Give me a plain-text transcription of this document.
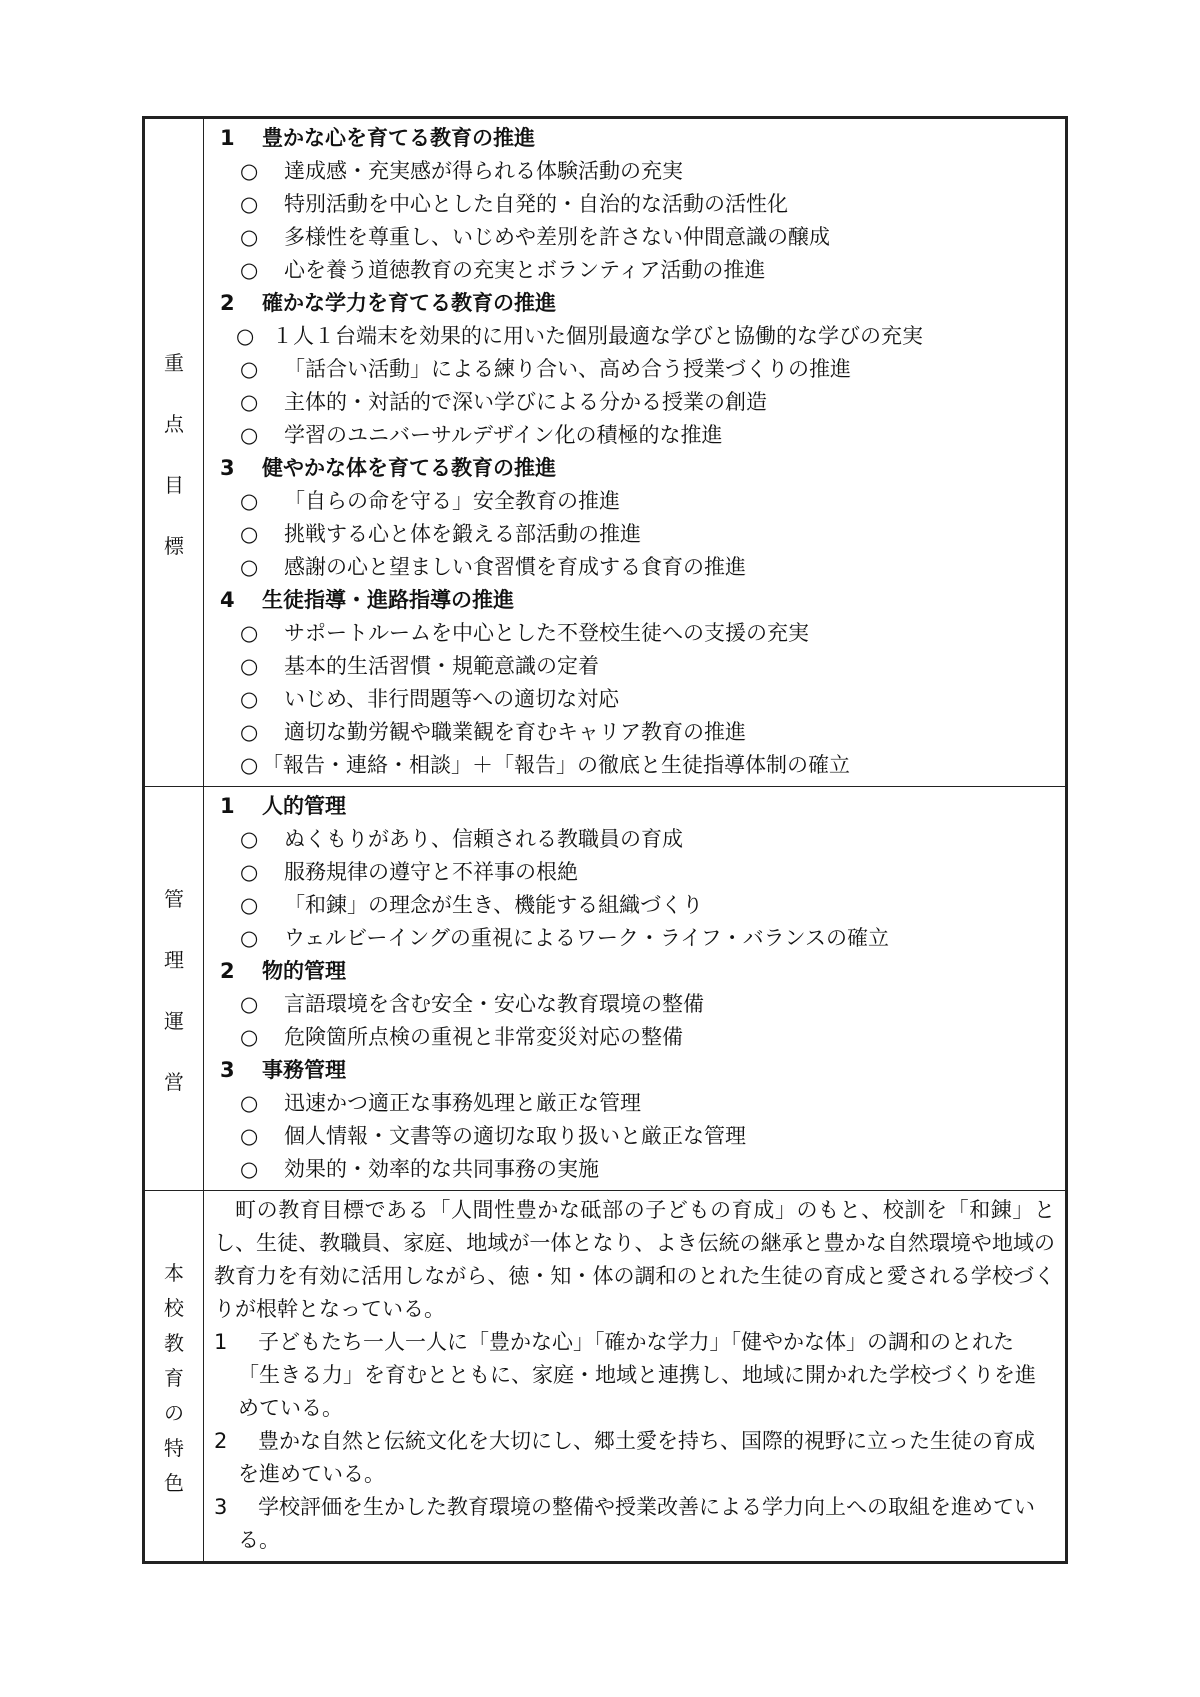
重
点
目
標
1 豊かな心を育てる教育の推進
○ 達成感・充実感が得られる体験活動の充実
○ 特別活動を中心とした自発的・自治的な活動の活性化
○ 多様性を尊重し、いじめや差別を許さない仲間意識の醸成
○ 心を養う道徳教育の充実とボランティア活動の推進
2 確かな学力を育てる教育の推進
○ １人１台端末を効果的に用いた個別最適な学びと協働的な学びの充実
○ 「話合い活動」による練り合い、高め合う授業づくりの推進
○ 主体的・対話的で深い学びによる分かる授業の創造
○ 学習のユニバーサルデザイン化の積極的な推進
3 健やかな体を育てる教育の推進
○ 「自らの命を守る」安全教育の推進
○ 挑戦する心と体を鍛える部活動の推進
○ 感謝の心と望ましい食習慣を育成する食育の推進
4 生徒指導・進路指導の推進
○ サポートルームを中心とした不登校生徒への支援の充実
○ 基本的生活習慣・規範意識の定着
○ いじめ、非行問題等への適切な対応
○ 適切な勤労観や職業観を育むキャリア教育の推進
○ 「報告・連絡・相談」＋「報告」の徹底と生徒指導体制の確立
管
理
運
営
1 人的管理
○ ぬくもりがあり、信頼される教職員の育成
○ 服務規律の遵守と不祥事の根絶
○ 「和錬」の理念が生き、機能する組織づくり
○ ウェルビーイングの重視によるワーク・ライフ・バランスの確立
2 物的管理
○ 言語環境を含む安全・安心な教育環境の整備
○ 危険箇所点検の重視と非常変災対応の整備
3 事務管理
○ 迅速かつ適正な事務処理と厳正な管理
○ 個人情報・文書等の適切な取り扱いと厳正な管理
○ 効果的・効率的な共同事務の実施
本
校
教
育
の
特
色
町の教育目標である「人間性豊かな砥部の子どもの育成」のもと、校訓を「和錬」とし、生徒、教職員、家庭、地域が一体となり、よき伝統の継承と豊かな自然環境や地域の教育力を有効に活用しながら、徳・知・体の調和のとれた生徒の育成と愛される学校づくりが根幹となっている。
1 子どもたち一人一人に「豊かな心」「確かな学力」「健やかな体」の調和のとれた「生きる力」を育むとともに、家庭・地域と連携し、地域に開かれた学校づくりを進めている。
2 豊かな自然と伝統文化を大切にし、郷土愛を持ち、国際的視野に立った生徒の育成を進めている。
3 学校評価を生かした教育環境の整備や授業改善による学力向上への取組を進めている。
